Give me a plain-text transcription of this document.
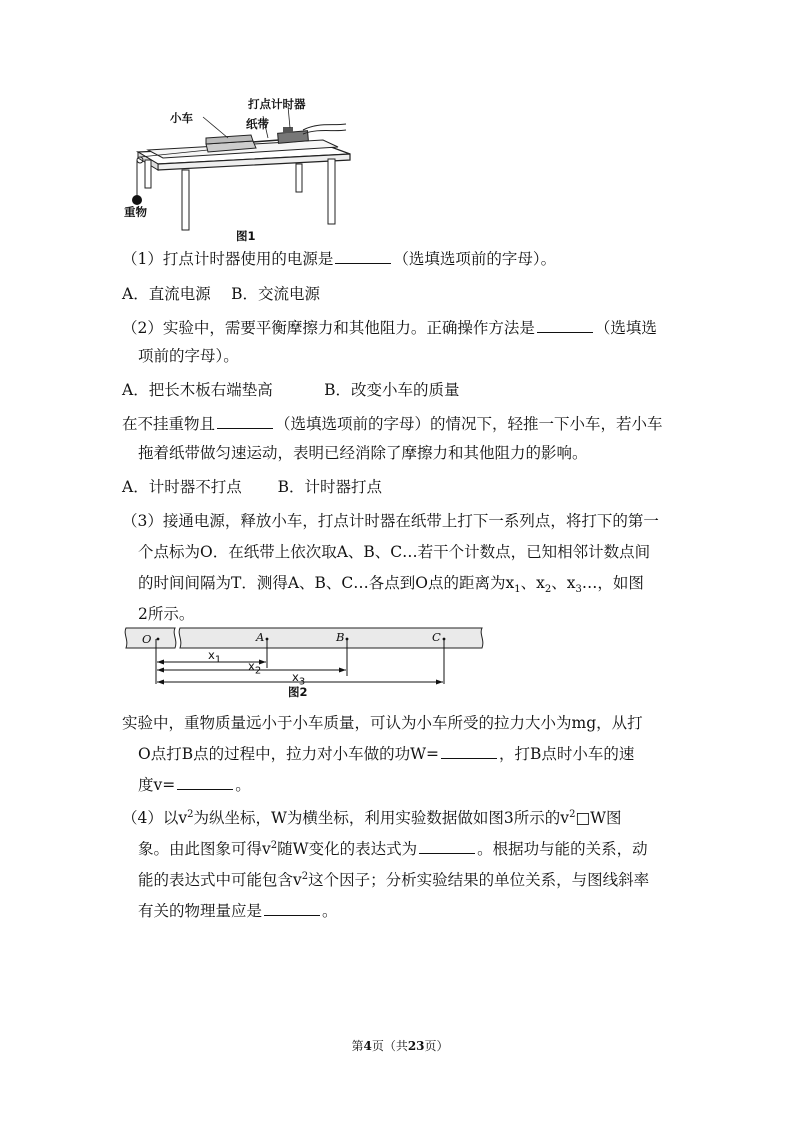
小车
打点计时器
纸带
重物
图1
（1）打点计时器使用的电源是	（选填选项前的字母）。
A．直流电源　 B．交流电源
（2）实验中，需要平衡摩擦力和其他阻力。正确操作方法是	（选填选
项前的字母）。
A．把长木板右端垫高　　　 B．改变小车的质量
在不挂重物且	（选填选项前的字母）的情况下，轻推一下小车，若小车
拖着纸带做匀速运动，表明已经消除了摩擦力和其他阻力的影响。
A．计时器不打点　　 B．计时器打点
（3）接通电源，释放小车，打点计时器在纸带上打下一系列点，将打下的第一
个点标为O．在纸带上依次取A、B、C…若干个计数点，已知相邻计数点间
的时间间隔为T．测得A、B、C…各点到O点的距离为$x_1$、$x_2$、$x_3\dots$，如图
2所示。
O	A	B	C
x1 x2	x3
图2
实验中，重物质量远小于小车质量，可认为小车所受的拉力大小为mg，从打
O点打B点的过程中，拉力对小车做的功W=	，打B点时小车的速
度v=	。
（4）以$v^2$为纵坐标，W为横坐标，利用实验数据做如图3所示的$v^2□W$图
象。由此图象可得$v^2$随W变化的表达式为	。根据功与能的关系，动
能的表达式中可能包含$v^2$这个因子；分析实验结果的单位关系，与图线斜率
有关的物理量应是	。
第4页（共23页）
